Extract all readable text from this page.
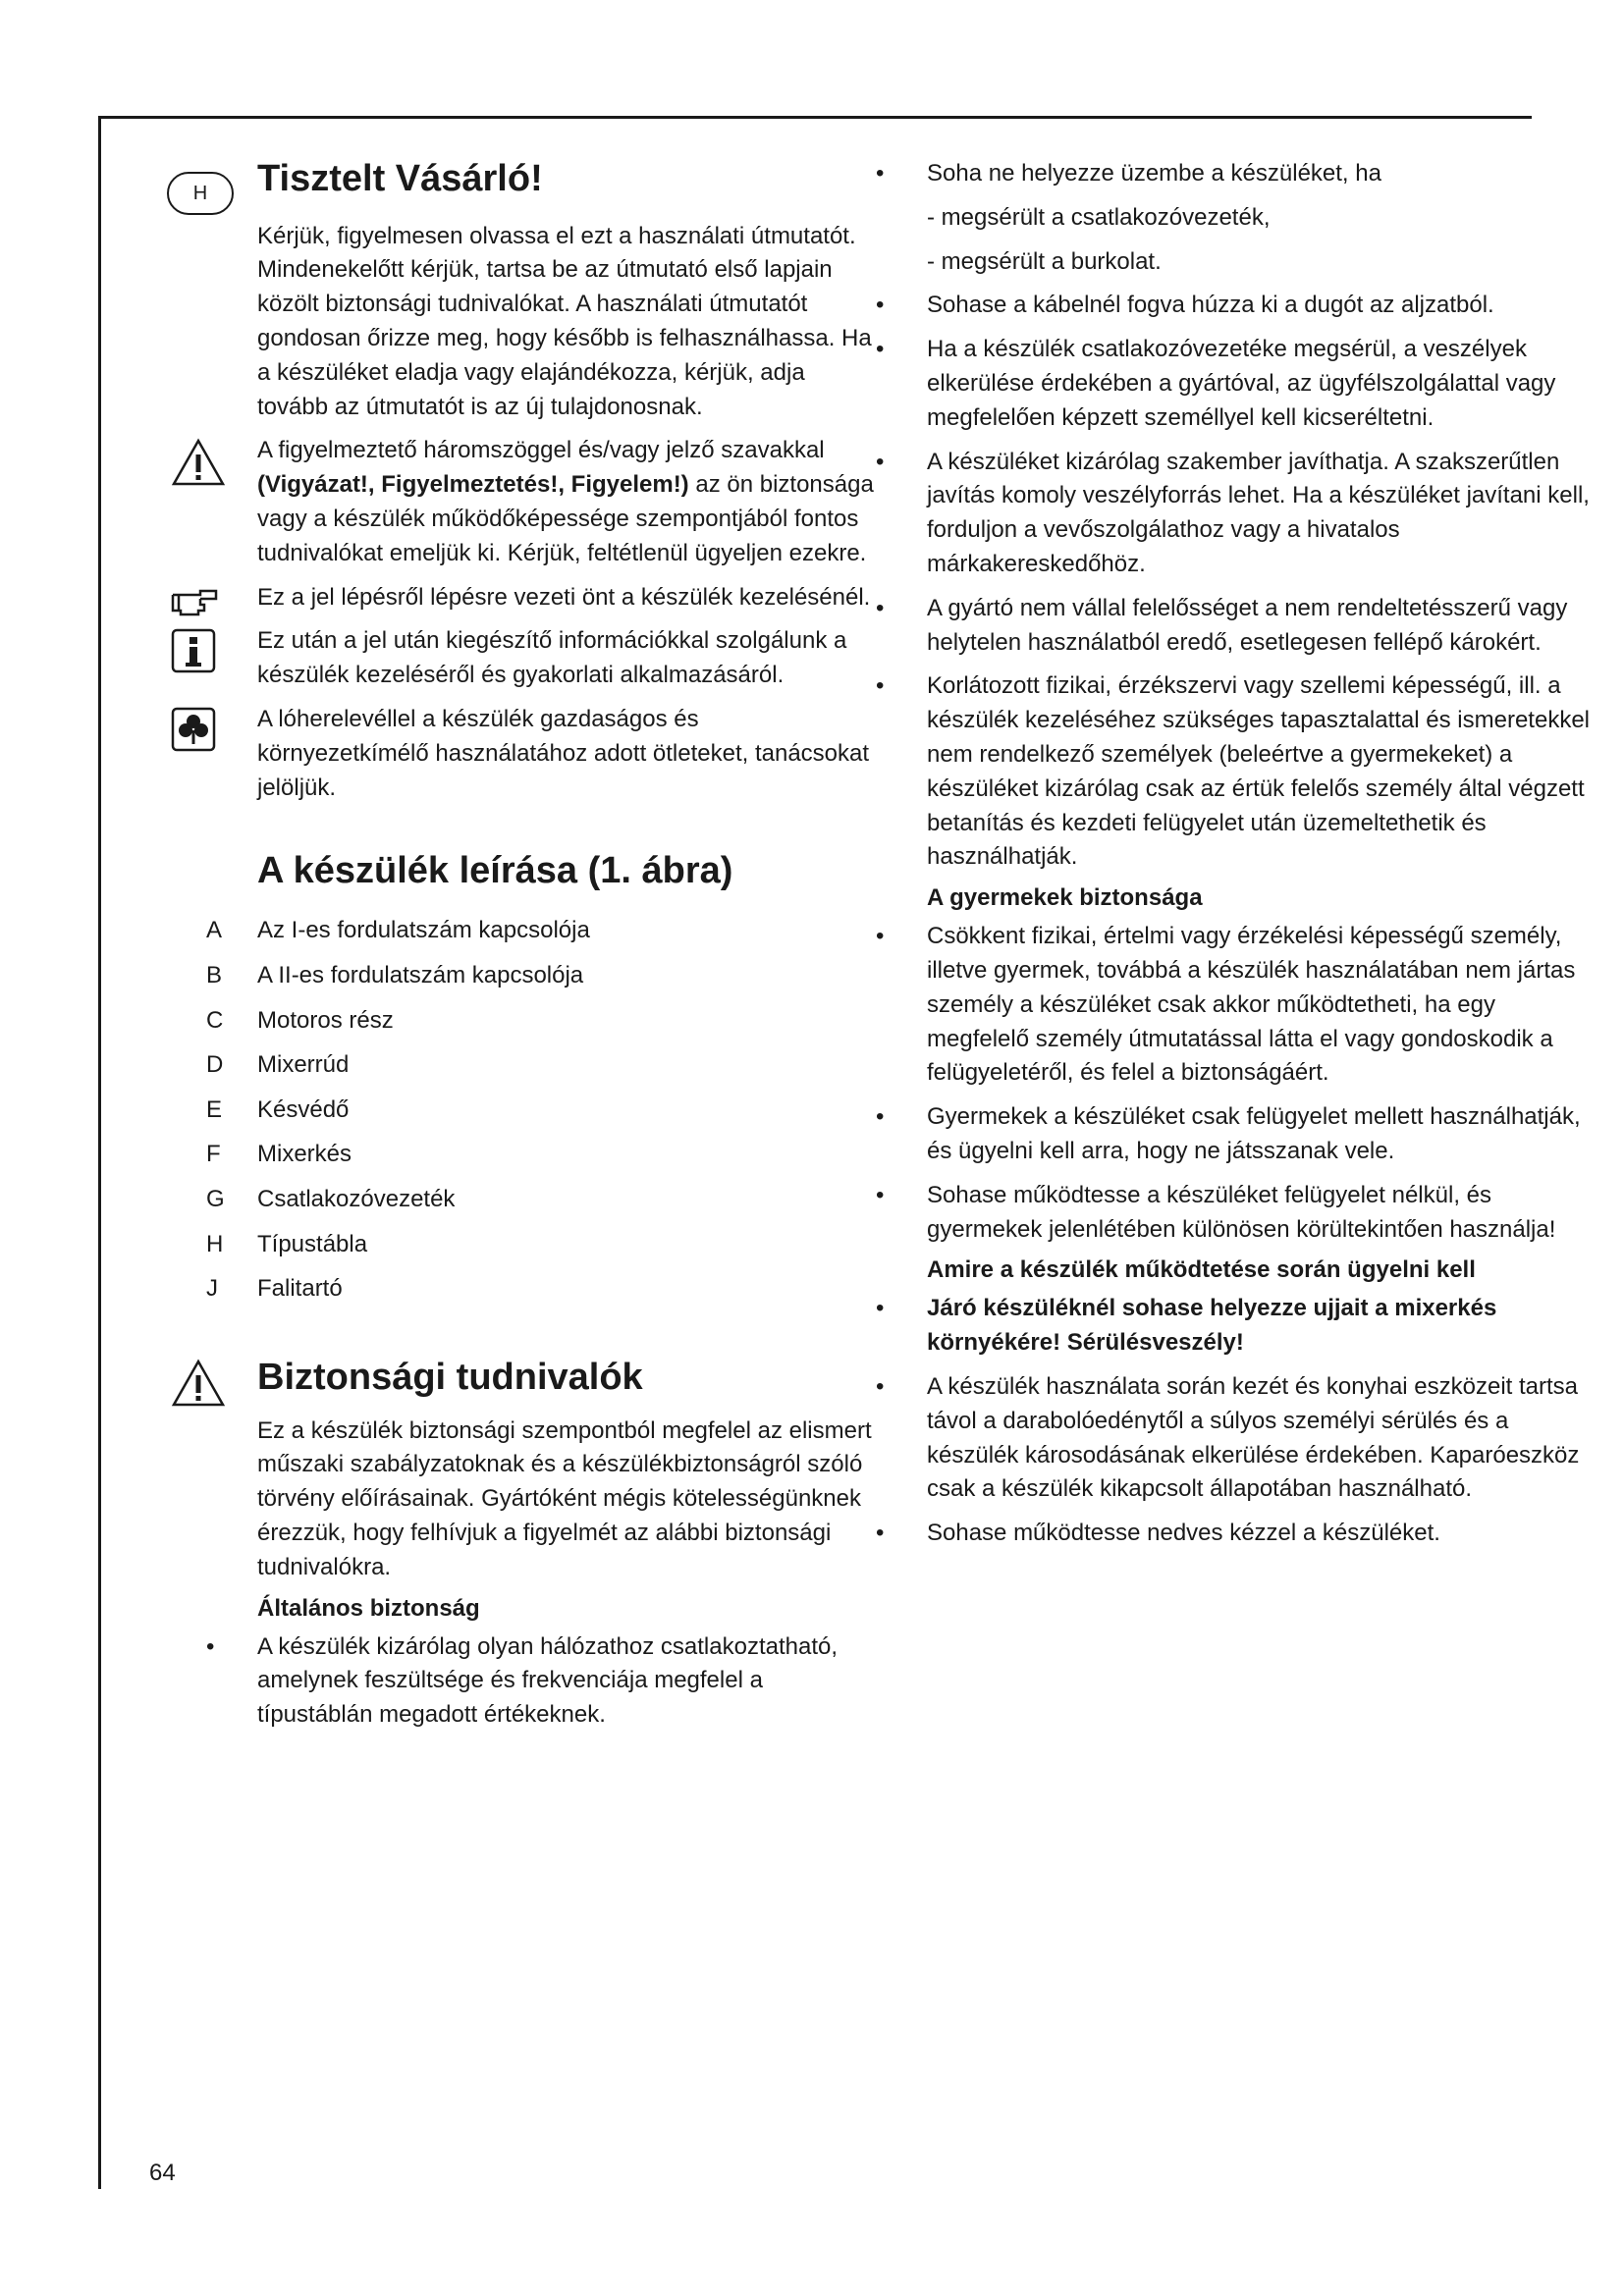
H	Tisztelt Vásárló!

Kérjük, figyelmesen olvassa el ezt a használati útmutatót. Mindenekelőtt kérjük, tartsa be az útmutató első lapjain közölt biztonsági tudnivalókat. A használati útmutatót gondosan őrizze meg, hogy később is felhasználhassa. Ha a készüléket eladja vagy elajándékozza, kérjük, adja tovább az útmutatót is az új tulajdonosnak.

A figyelmeztető háromszöggel és/vagy jelző szavakkal (Vigyázat!, Figyelmeztetés!, Figyelem!) az ön biztonsága vagy a készülék működőképessége szempontjából fontos tudnivalókat emeljük ki. Kérjük, feltétlenül ügyeljen ezekre.

Ez a jel lépésről lépésre vezeti önt a készülék kezelésénél.

Ez után a jel után kiegészítő információkkal szolgálunk a készülék kezeléséről és gyakorlati alkalmazásáról.

A lóherelevéllel a készülék gazdaságos és környezetkímélő használatához adott ötleteket, tanácsokat jelöljük.

A készülék leírása (1. ábra)
A Az I-es fordulatszám kapcsolója
B A II-es fordulatszám kapcsolója
C Motoros rész
D Mixerrúd
E Késvédő
F Mixerkés
G Csatlakozóvezeték
H Típustábla
J Falitartó
Biztonsági tudnivalók

Ez a készülék biztonsági szempontból megfelel az elismert műszaki szabályzatoknak és a készülékbiztonságról szóló törvény előírásainak. Gyártóként mégis kötelességünknek érezzük, hogy felhívjuk a figyelmét az alábbi biztonsági tudnivalókra.

Általános biztonság

• A készülék kizárólag olyan hálózathoz csatlakoztatható, amelynek feszültsége és frekvenciája megfelel a típustáblán megadott értékeknek.

• Soha ne helyezze üzembe a készüléket, ha

- megsérült a csatlakozóvezeték,

- megsérült a burkolat.

• Sohase a kábelnél fogva húzza ki a dugót az aljzatból.

• Ha a készülék csatlakozóvezetéke megsérül, a veszélyek elkerülése érdekében a gyártóval, az ügyfélszolgálattal vagy megfelelően képzett személlyel kell kicseréltetni.

• A készüléket kizárólag szakember javíthatja. A szakszerűtlen javítás komoly veszélyforrás lehet. Ha a készüléket javítani kell, forduljon a vevőszolgálathoz vagy a hivatalos márkakereskedőhöz.

• A gyártó nem vállal felelősséget a nem rendeltetésszerű vagy helytelen használatból eredő, esetlegesen fellépő károkért.

• Korlátozott fizikai, érzékszervi vagy szellemi képességű, ill. a készülék kezeléséhez szükséges tapasztalattal és ismeretekkel nem rendelkező személyek (beleértve a gyermekeket) a készüléket kizárólag csak az értük felelős személy által végzett betanítás és kezdeti felügyelet után üzemeltethetik és használhatják.

A gyermekek biztonsága

• Csökkent fizikai, értelmi vagy érzékelési képességű személy, illetve gyermek, továbbá a készülék használatában nem jártas személy a készüléket csak akkor működtetheti, ha egy megfelelő személy útmutatással látta el vagy gondoskodik a felügyeletéről, és felel a biztonságáért.

• Gyermekek a készüléket csak felügyelet mellett használhatják, és ügyelni kell arra, hogy ne játsszanak vele.

• Sohase működtesse a készüléket felügyelet nélkül, és gyermekek jelenlétében különösen körültekintően használja!

Amire a készülék működtetése során ügyelni kell

• Járó készüléknél sohase helyezze ujjait a mixerkés környékére! Sérülésveszély!

• A készülék használata során kezét és konyhai eszközeit tartsa távol a darabolóedénytől a súlyos személyi sérülés és a készülék károsodásának elkerülése érdekében. Kaparóeszköz csak a készülék kikapcsolt állapotában használható.

• Sohase működtesse nedves kézzel a készüléket.

64
